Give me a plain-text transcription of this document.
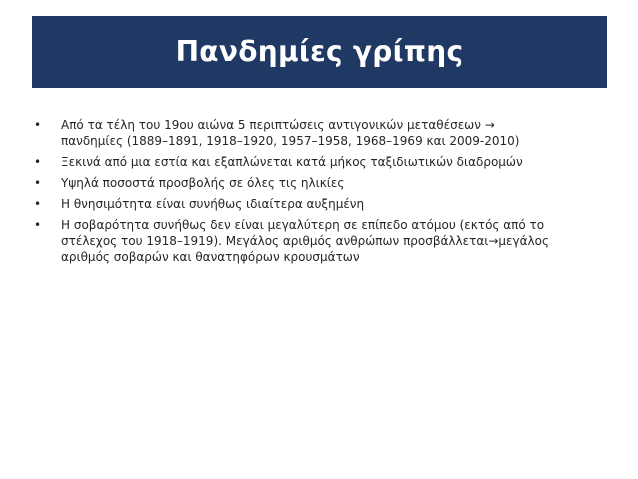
Πανδημίες γρίπης
• Από τα τέλη του 19ου αιώνα 5 περιπτώσεις αντιγονικών μεταθέσεων →
πανδημίες (1889–1891, 1918–1920, 1957–1958, 1968–1969 και 2009-2010)
• Ξεκινά από μια εστία και εξαπλώνεται κατά μήκος ταξιδιωτικών διαδρομών
• Υψηλά ποσοστά προσβολής σε όλες τις ηλικίες
• Η θνησιμότητα είναι συνήθως ιδιαίτερα αυξημένη
• Η σοβαρότητα συνήθως δεν είναι μεγαλύτερη σε επίπεδο ατόμου (εκτός από το
στέλεχος του 1918–1919). Μεγάλος αριθμός ανθρώπων προσβάλλεται→μεγάλος
αριθμός σοβαρών και θανατηφόρων κρουσμάτων
